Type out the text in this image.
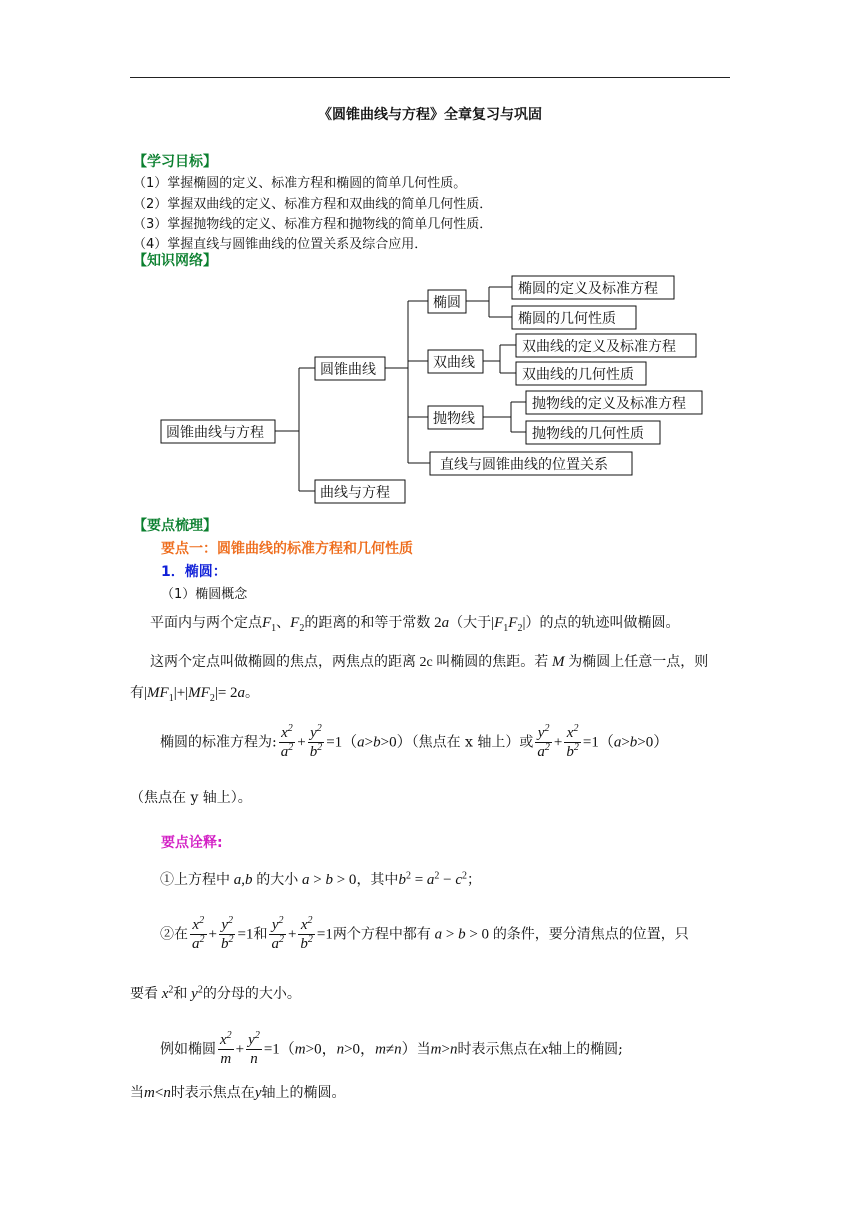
《圆锥曲线与方程》全章复习与巩固
【学习目标】
（1）掌握椭圆的定义、标准方程和椭圆的简单几何性质。
（2）掌握双曲线的定义、标准方程和双曲线的简单几何性质．
（3）掌握抛物线的定义、标准方程和抛物线的简单几何性质．
（4）掌握直线与圆锥曲线的位置关系及综合应用．
【知识网络】
圆锥曲线与方程
圆锥曲线
曲线与方程
椭圆
双曲线
抛物线
直线与圆锥曲线的位置关系
椭圆的定义及标准方程
椭圆的几何性质
双曲线的定义及标准方程
双曲线的几何性质
抛物线的定义及标准方程
抛物线的几何性质
【要点梳理】
要点一：圆锥曲线的标准方程和几何性质
1．椭圆：
（1）椭圆概念
平面内与两个定点$F_1$、$F_2$的距离的和等于常数 2a（大于$|F_1F_2|$）的点的轨迹叫做椭圆。
这两个定点叫做椭圆的焦点，两焦点的距离 2c 叫椭圆的焦距。若 M 为椭圆上任意一点，则
有$|MF_1|+|MF_2|= 2a$。
椭圆的标准方程为: $\frac{x^2}{a^2} + \frac{y^2}{b^2} =1(a>b>0)$（焦点在 x 轴上）或 $\frac{y^2}{a^2} + \frac{x^2}{b^2} =1(a>b>0)$
（焦点在 y 轴上）。
要点诠释:
①上方程中 a,b 的大小 a > b > 0，其中$b^2 = a^2 - c^2$；
②在 $\frac{x^2}{a^2} + \frac{y^2}{b^2} =1$和 $\frac{y^2}{a^2} + \frac{x^2}{b^2} =1$两个方程中都有 a > b > 0 的条件，要分清焦点的位置，只
要看 $x^2$和 $y^2$的分母的大小。
例如椭圆 $\frac{x^2}{m} + \frac{y^2}{n} =1(m>0$，n>0，m≠n）当m>n时表示焦点在x轴上的椭圆;
当m<n时表示焦点在y轴上的椭圆。
